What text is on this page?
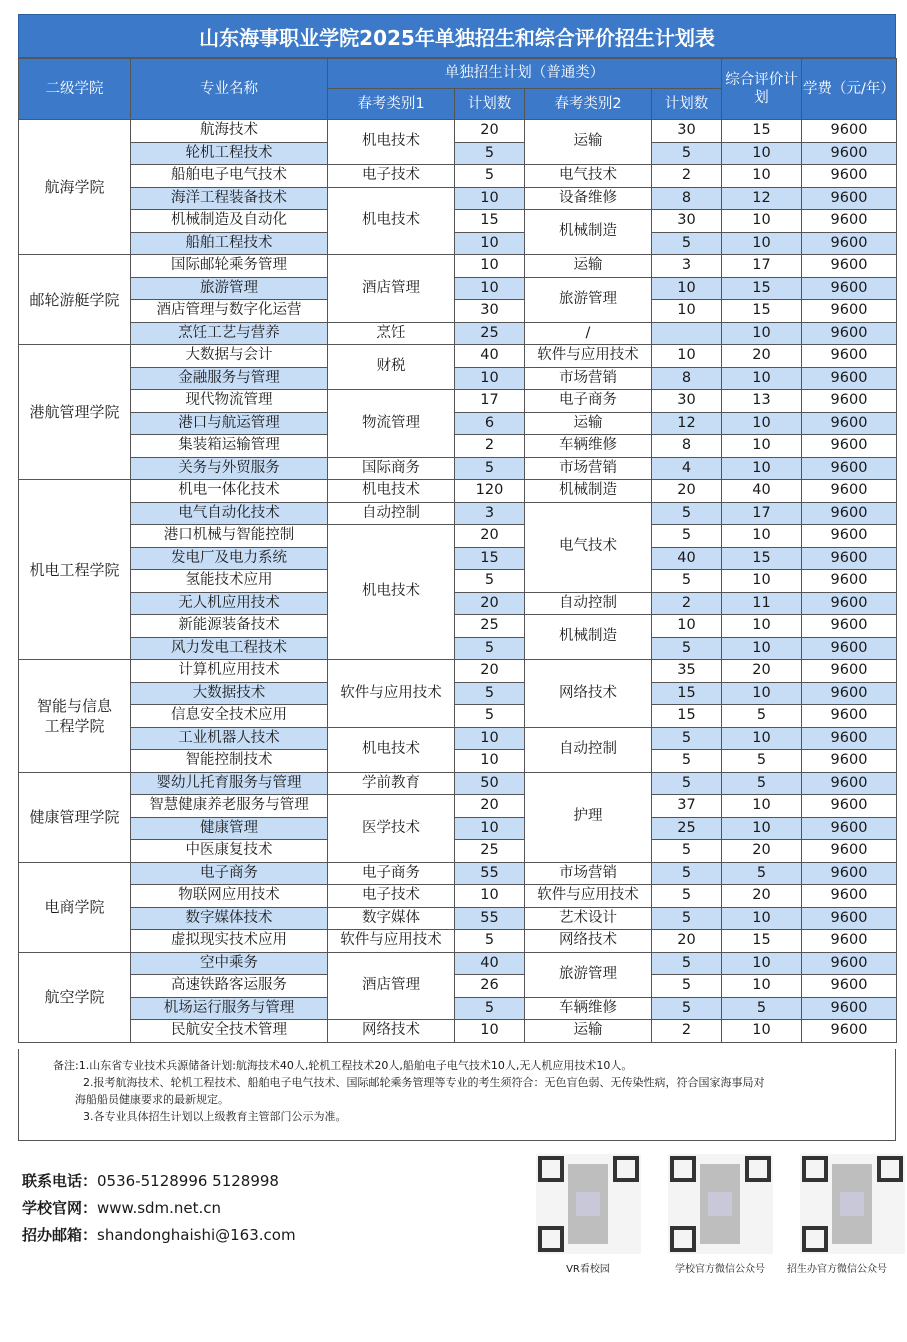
山东海事职业学院2025年单独招生和综合评价招生计划表
二级学院	专业名称	单独招生计划（普通类）				综合评价计划	学费（元/年）
		春考类别1	计划数	春考类别2	计划数		
航海学院	航海技术	机电技术	20	运输	30	15	9600
	轮机工程技术		5		5	10	9600
	船舶电子电气技术	电子技术	5	电气技术	2	10	9600
	海洋工程装备技术	机电技术	10	设备维修	8	12	9600
	机械制造及自动化		15	机械制造	30	10	9600
	船舶工程技术		10		5	10	9600
邮轮游艇学院	国际邮轮乘务管理	酒店管理	10	运输	3	17	9600
	旅游管理		10	旅游管理	10	15	9600
	酒店管理与数字化运营		30		10	15	9600
	烹饪工艺与营养	烹饪	25	/		10	9600
港航管理学院	大数据与会计	财税	40	软件与应用技术	10	20	9600
	金融服务与管理		10	市场营销	8	10	9600
	现代物流管理	物流管理	17	电子商务	30	13	9600
	港口与航运管理		6	运输	12	10	9600
	集装箱运输管理		2	车辆维修	8	10	9600
	关务与外贸服务	国际商务	5	市场营销	4	10	9600
机电工程学院	机电一体化技术	机电技术	120	机械制造	20	40	9600
	电气自动化技术	自动控制	3	电气技术	5	17	9600
	港口机械与智能控制	机电技术	20		5	10	9600
	发电厂及电力系统		15		40	15	9600
	氢能技术应用		5		5	10	9600
	无人机应用技术		20	自动控制	2	11	9600
	新能源装备技术		25	机械制造	10	10	9600
	风力发电工程技术		5		5	10	9600
智能与信息
工程学院	计算机应用技术	软件与应用技术	20	网络技术	35	20	9600
	大数据技术		5		15	10	9600
	信息安全技术应用		5		15	5	9600
	工业机器人技术	机电技术	10	自动控制	5	10	9600
	智能控制技术		10		5	5	9600
健康管理学院	婴幼儿托育服务与管理	学前教育	50	护理	5	5	9600
	智慧健康养老服务与管理	医学技术	20		37	10	9600
	健康管理		10		25	10	9600
	中医康复技术		25		5	20	9600
电商学院	电子商务	电子商务	55	市场营销	5	5	9600
	物联网应用技术	电子技术	10	软件与应用技术	5	20	9600
	数字媒体技术	数字媒体	55	艺术设计	5	10	9600
	虚拟现实技术应用	软件与应用技术	5	网络技术	20	15	9600
航空学院	空中乘务	酒店管理	40	旅游管理	5	10	9600
	高速铁路客运服务		26		5	10	9600
	机场运行服务与管理		5	车辆维修	5	5	9600
	民航安全技术管理	网络技术	10	运输	2	10	9600

备注:1.山东省专业技术兵源储备计划:航海技术40人,轮机工程技术20人,船舶电子电气技术10人,无人机应用技术10人。

2.报考航海技术、轮机工程技术、船舶电子电气技术、国际邮轮乘务管理等专业的考生须符合：无色盲色弱、无传染性病，符合国家海事局对

海船船员健康要求的最新规定。

3.各专业具体招生计划以上级教育主管部门公示为准。

联系电话：0536-5128996 5128998
学校官网：www.sdm.net.cn
招办邮箱：shandonghaishi@163.com
VR看校园	学校官方微信公众号	招生办官方微信公众号
